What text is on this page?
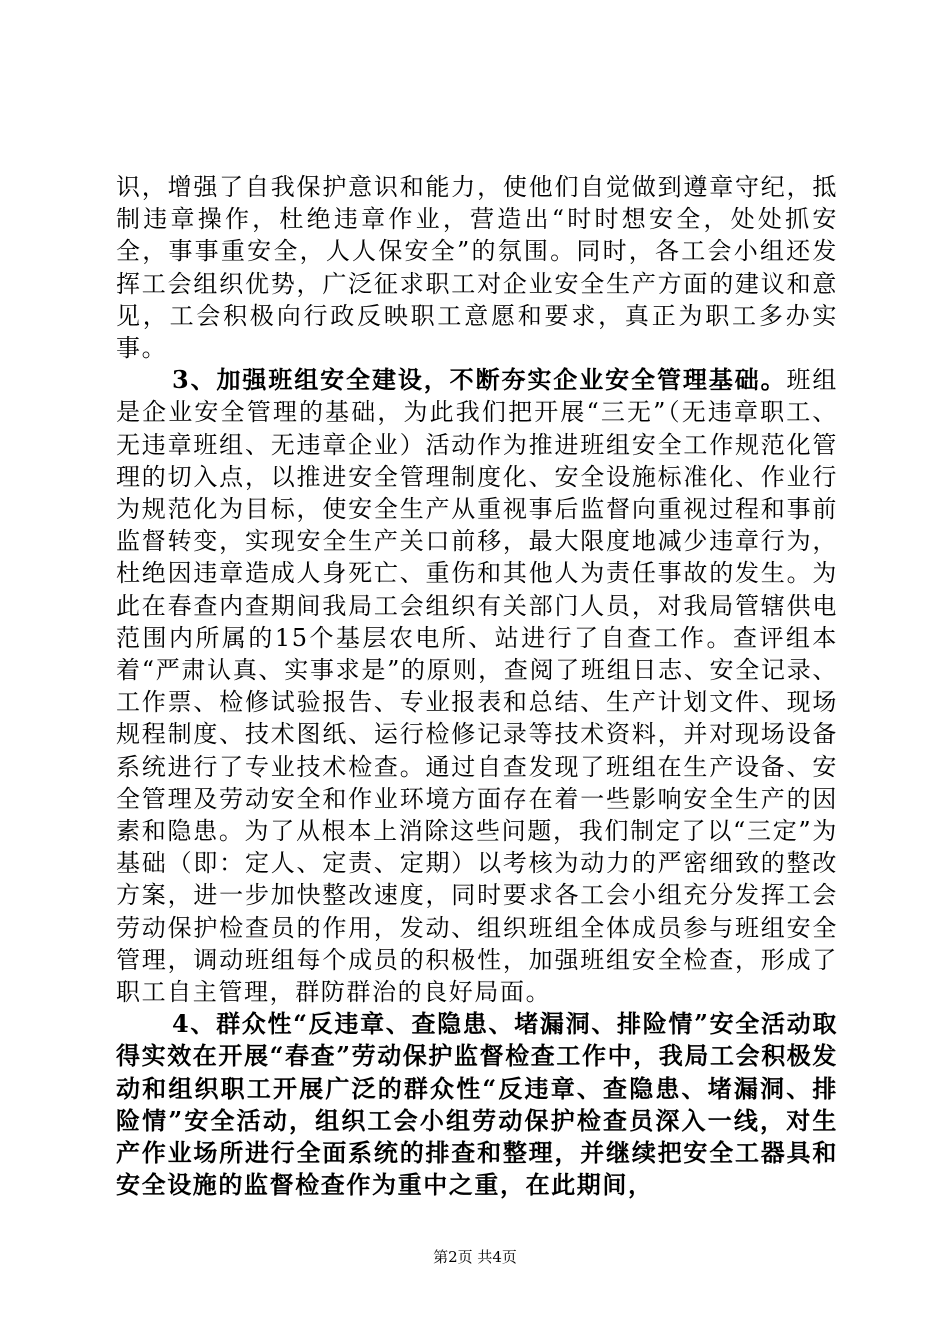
识，增强了自我保护意识和能力，使他们自觉做到遵章守纪，抵制违章操作，杜绝违章作业，营造出“时时想安全，处处抓安全，事事重安全，人人保安全”的氛围。同时，各工会小组还发挥工会组织优势，广泛征求职工对企业安全生产方面的建议和意见，工会积极向行政反映职工意愿和要求，真正为职工多办实事。

3、加强班组安全建设，不断夯实企业安全管理基础。班组是企业安全管理的基础，为此我们把开展“三无”（无违章职工、无违章班组、无违章企业）活动作为推进班组安全工作规范化管理的切入点，以推进安全管理制度化、安全设施标准化、作业行为规范化为目标，使安全生产从重视事后监督向重视过程和事前监督转变，实现安全生产关口前移，最大限度地减少违章行为，杜绝因违章造成人身死亡、重伤和其他人为责任事故的发生。为此在春查内查期间我局工会组织有关部门人员，对我局管辖供电范围内所属的15个基层农电所、站进行了自查工作。查评组本着“严肃认真、实事求是”的原则，查阅了班组日志、安全记录、工作票、检修试验报告、专业报表和总结、生产计划文件、现场规程制度、技术图纸、运行检修记录等技术资料，并对现场设备系统进行了专业技术检查。通过自查发现了班组在生产设备、安全管理及劳动安全和作业环境方面存在着一些影响安全生产的因素和隐患。为了从根本上消除这些问题，我们制定了以“三定”为基础（即：定人、定责、定期）以考核为动力的严密细致的整改方案，进一步加快整改速度，同时要求各工会小组充分发挥工会劳动保护检查员的作用，发动、组织班组全体成员参与班组安全管理，调动班组每个成员的积极性，加强班组安全检查，形成了职工自主管理，群防群治的良好局面。

4、群众性“反违章、查隐患、堵漏洞、排险情”安全活动取得实效在开展“春查”劳动保护监督检查工作中，我局工会积极发动和组织职工开展广泛的群众性“反违章、查隐患、堵漏洞、排险情”安全活动，组织工会小组劳动保护检查员深入一线，对生产作业场所进行全面系统的排查和整理，并继续把安全工器具和安全设施的监督检查作为重中之重，在此期间，

第2页 共4页
